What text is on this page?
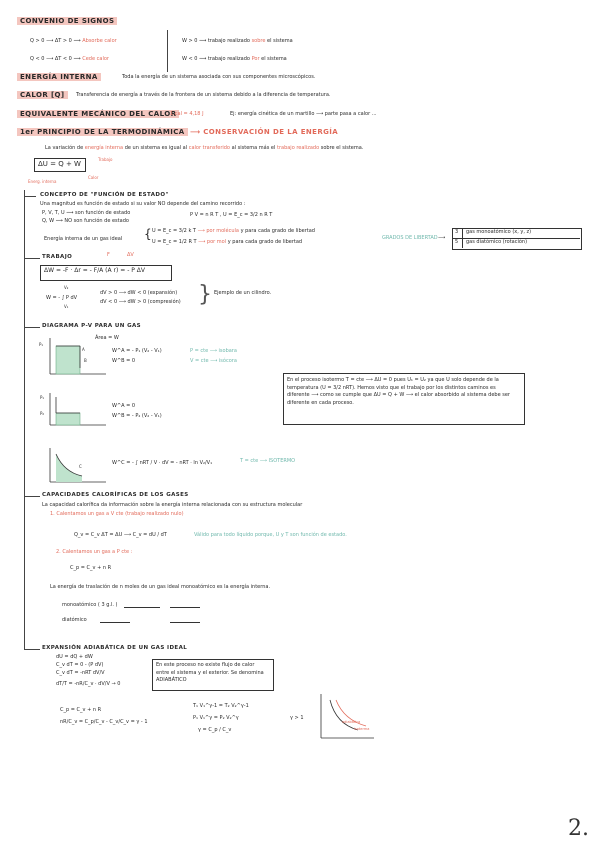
CONVENIO DE SIGNOS
Q > 0 ⟶ ΔT > 0 ⟿ Absorbe calor
Q < 0 ⟶ ΔT < 0 ⟿ Cede calor
W > 0 ⟿ trabajo realizado sobre el sistema
W < 0 ⟿ trabajo realizado Por el sistema
ENERGÍA INTERNA	Toda la energía de un sistema asociada con sus componentes microscópicos.
CALOR [Q]	Transferencia de energía a través de la frontera de un sistema debido a la diferencia de temperatura.
EQUIVALENTE MECÁNICO DEL CALOR
1 cal = 4,18 J	Ej: energía cinética de un martillo ⟶ parte pasa a calor ...
1er PRINCIPIO DE LA TERMODINÁMICA ⟶ CONSERVACIÓN DE LA ENERGÍA
La variación de energía interna de un sistema es igual al calor transferido al sistema más el trabajo realizado sobre el sistema.
ΔU = Q + W
Trabajo
Calor
Energ. interna
CONCEPTO DE "FUNCIÓN DE ESTADO"
Una magnitud es función de estado si su valor NO depende del camino recorrido :
P, V, T, U ⟿ son función de estado
Q, W ⟿ NO son función de estado
P V = n R T , U = E_c = 3/2 n R T
Energía interna de un gas ideal { U = E_c = 3/2 k T ⟶ por molécula y para cada grado de libertad
U = E_c = 1/2 R T ⟶ por mol y para cada grado de libertad
GRADOS DE LIBERTAD ⟶
3 gas monoatómico (x, y, z)
5 gas diatómico (rotación)
TRABAJO	F	ΔV
ΔW = -F · Δr = - F/A (A r) = - P ΔV
W = - ∫ P dV
V₂
V₁
dV > 0 ⟶ dW < 0 (expansión)
dV < 0 ⟶ dW > 0 (compresión) } Ejemplo de un cilindro.
DIAGRAMA P-V PARA UN GAS
P₁
A
B
Área = W
W^A = - P₁ (V₂ - V₁)
W^B = 0
P = cte ⟶ isobara
V = cte ⟶ isócora
P₁
P₂
W^A = 0
W^B = - P₂ (V₂ - V₁)
C
W^C = - ∫ nRT / V · dV = - nRT · ln V₂/V₁	T = cte ⟶ ISOTERMO
En el proceso isotermo T = cte ⟶ ΔU = 0 pues U₁ = U₂ ya que U solo depende de la temperatura (U = 3/2 nRT). Hemos visto que el trabajo por los distintos caminos es diferente ⟶ como se cumple que ΔU = Q + W ⟶ el calor absorbido al sistema debe ser diferente en cada proceso.
CAPACIDADES CALORÍFICAS DE LOS GASES
La capacidad calorífica da información sobre la energía interna relacionada con su estructura molecular
1. Calentamos un gas a V cte (trabajo realizado nulo)
Q_v = C_v ΔT = ΔU ⟶ C_v = dU / dT	Válido para todo líquido porque, U y T son función de estado.
2. Calentamos un gas a P cte :
C_p = C_v + n R
La energía de traslación de n moles de un gas ideal monoatómico es la energía interna.
monoatómico ( 3 g.l. )
diatómico
EXPANSIÓN ADIABÁTICA DE UN GAS IDEAL
dU = dQ + dW
C_v dT = 0 - (P dV)
C_v dT = -nRT dV/V
dT/T = -nR/C_v · dV/V → 0
En este proceso no existe flujo de calor entre el sistema y el exterior. Se denomina ADIABÁTICO
C_p = C_v + n R
nR/C_v = C_p/C_v - C_v/C_v = γ - 1
T₁ V₁^γ-1 = T₂ V₂^γ-1
P₁ V₁^γ = P₂ V₂^γ
γ = C_p / C_v
γ > 1
adiabática
isoterma
2.
